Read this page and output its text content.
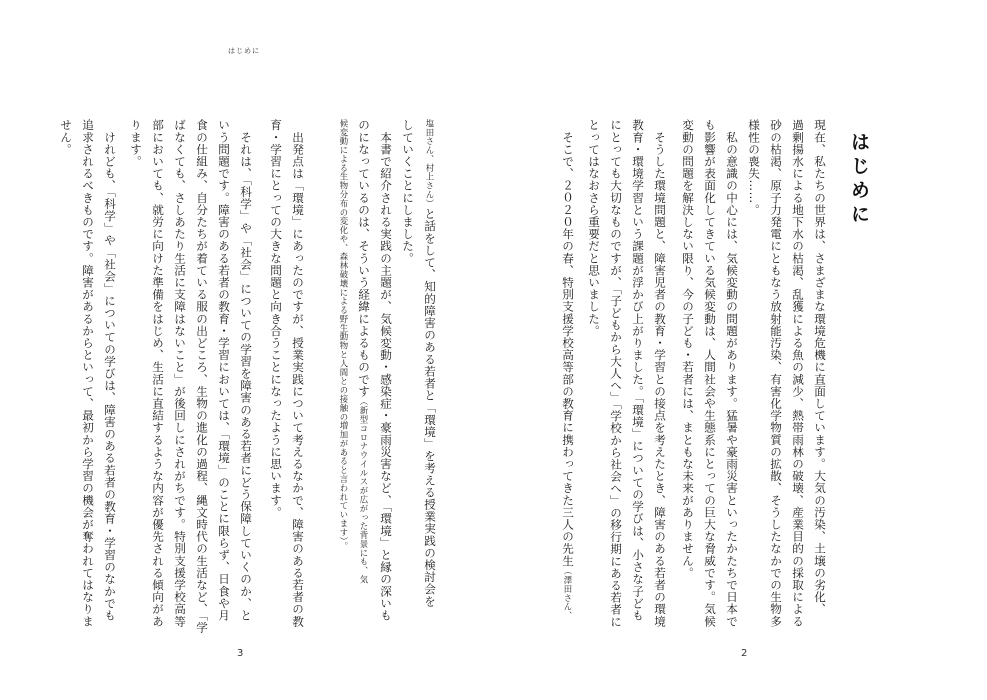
はじめに

塩田さん、村上さん）と話をして、知的障害のある若者と「環境」を考える授業実践の検討会を

していくことにしました。
　本書で紹介される実践の主題が、気候変動・感染症・豪雨災害など、「環境」と縁の深いも

のになっているのは、そういう経緯によるものです（新型コロナウイルスが広がった背景にも、気

候変動による生物分布の変化や、森林破壊による野生動物と人間との接触の増加があると言われています）。
　出発点は「環境」にあったのですが、授業実践について考えるなかで、障害のある若者の教
育・学習にとっての大きな問題と向き合うことになったように思います。
　それは、「科学」や「社会」についての学習を障害のある若者にどう保障していくのか、と
いう問題です。障害のある若者の教育・学習においては、「環境」のことに限らず、日食や月
食の仕組み、自分たちが着ている服の出どころ、生物の進化の過程、縄文時代の生活など、「学
ばなくても、さしあたり生活に支障はないこと」が後回しにされがちです。特別支援学校高等
部においても、就労に向けた準備をはじめ、生活に直結するような内容が優先される傾向があ
ります。
　けれども、「科学」や「社会」についての学びは、障害のある若者の教育・学習のなかでも
追求されるべきものです。障害があるからといって、最初から学習の機会が奪われてはなりま
せん。
3
はじめに
現在、私たちの世界は、さまざまな環境危機に直面しています。大気の汚染、土壌の劣化、
過剰揚水による地下水の枯渇、乱獲による魚の減少、熱帯雨林の破壊、産業目的の採取による
砂の枯渇、原子力発電にともなう放射能汚染、有害化学物質の拡散、そうしたなかでの生物多
様性の喪失……。
　私の意識の中心には、気候変動の問題があります。猛暑や豪雨災害といったかたちで日本で
も影響が表面化してきている気候変動は、人間社会や生態系にとっての巨大な脅威です。気候
変動の問題を解決しない限り、今の子ども・若者には、まともな未来がありません。
　そうした環境問題と、障害児者の教育・学習との接点を考えたとき、障害のある若者の環境
教育・環境学習という課題が浮かび上がりました。「環境」についての学びは、小さな子ども
にとっても大切なものですが、「子どもから大人へ」「学校から社会へ」の移行期にある若者に
とってはなおさら重要だと思いました。

　そこで、２０２０年の春、特別支援学校高等部の教育に携わってきた三人の先生（澤田さん、

2
